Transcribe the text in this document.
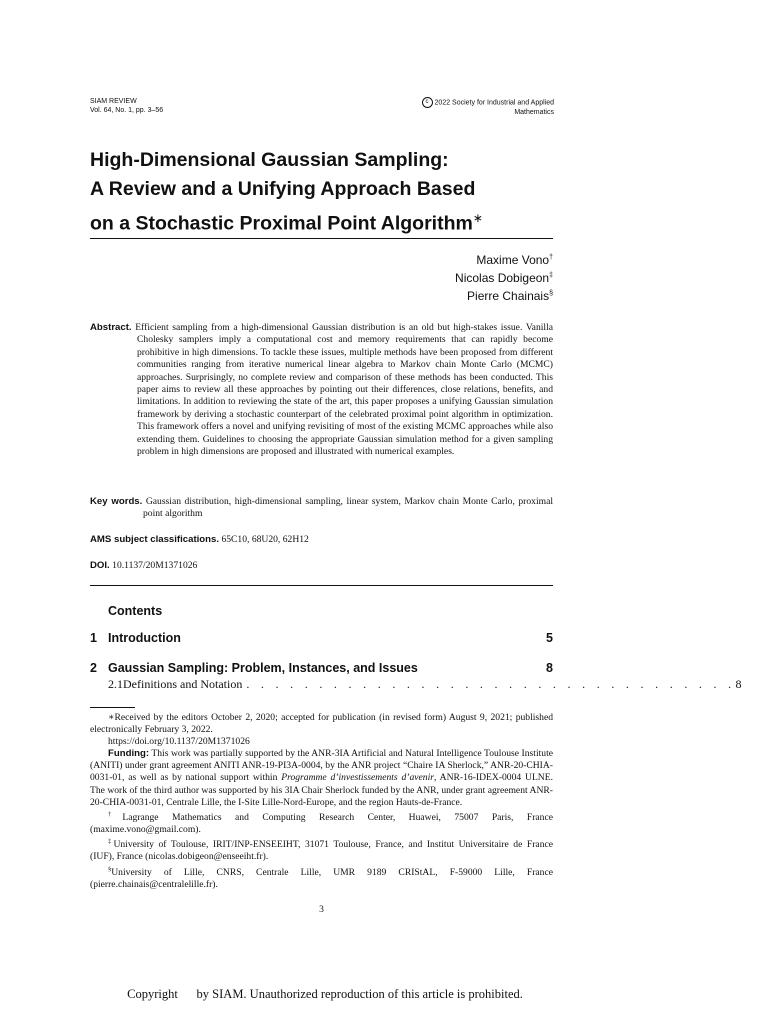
SIAM REVIEW
Vol. 64, No. 1, pp. 3–56
c 2022 Society for Industrial and Applied Mathematics
High-Dimensional Gaussian Sampling:
A Review and a Unifying Approach Based
on a Stochastic Proximal Point Algorithm∗
Maxime Vono†
Nicolas Dobigeon‡
Pierre Chainais§
Abstract. Efficient sampling from a high-dimensional Gaussian distribution is an old but high-stakes issue. Vanilla Cholesky samplers imply a computational cost and memory requirements that can rapidly become prohibitive in high dimensions. To tackle these issues, multiple methods have been proposed from different communities ranging from iterative numerical linear algebra to Markov chain Monte Carlo (MCMC) approaches. Surprisingly, no complete review and comparison of these methods has been conducted. This paper aims to review all these approaches by pointing out their differences, close relations, benefits, and limitations. In addition to reviewing the state of the art, this paper proposes a unifying Gaussian simulation framework by deriving a stochastic counterpart of the celebrated proximal point algorithm in optimization. This framework offers a novel and unifying revisiting of most of the existing MCMC approaches while also extending them. Guidelines to choosing the appropriate Gaussian simulation method for a given sampling problem in high dimensions are proposed and illustrated with numerical examples.
Key words. Gaussian distribution, high-dimensional sampling, linear system, Markov chain Monte Carlo, proximal point algorithm
AMS subject classifications. 65C10, 68U20, 62H12
DOI. 10.1137/20M1371026
Contents
1 Introduction	5
2 Gaussian Sampling: Problem, Instances, and Issues	8
2.1 Definitions and Notation . . . . . . . . . . . . . . . . . . . . . . . . . . . . . . . . . . 8

∗Received by the editors October 2, 2020; accepted for publication (in revised form) August 9, 2021; published electronically February 3, 2022.

https://doi.org/10.1137/20M1371026

Funding: This work was partially supported by the ANR-3IA Artificial and Natural Intelligence Toulouse Institute (ANITI) under grant agreement ANITI ANR-19-PI3A-0004, by the ANR project “Chaire IA Sherlock,” ANR-20-CHIA-0031-01, as well as by national support within Programme d’investissements d’avenir, ANR-16-IDEX-0004 ULNE. The work of the third author was supported by his 3IA Chair Sherlock funded by the ANR, under grant agreement ANR-20-CHIA-0031-01, Centrale Lille, the I-Site Lille-Nord-Europe, and the region Hauts-de-France.

†Lagrange Mathematics and Computing Research Center, Huawei, 75007 Paris, France (maxime.vono@gmail.com).

‡University of Toulouse, IRIT/INP-ENSEEIHT, 31071 Toulouse, France, and Institut Universitaire de France (IUF), France (nicolas.dobigeon@enseeiht.fr).

§University of Lille, CNRS, Centrale Lille, UMR 9189 CRIStAL, F-59000 Lille, France (pierre.chainais@centralelille.fr).

3
Copyright      by SIAM. Unauthorized reproduction of this article is prohibited.
